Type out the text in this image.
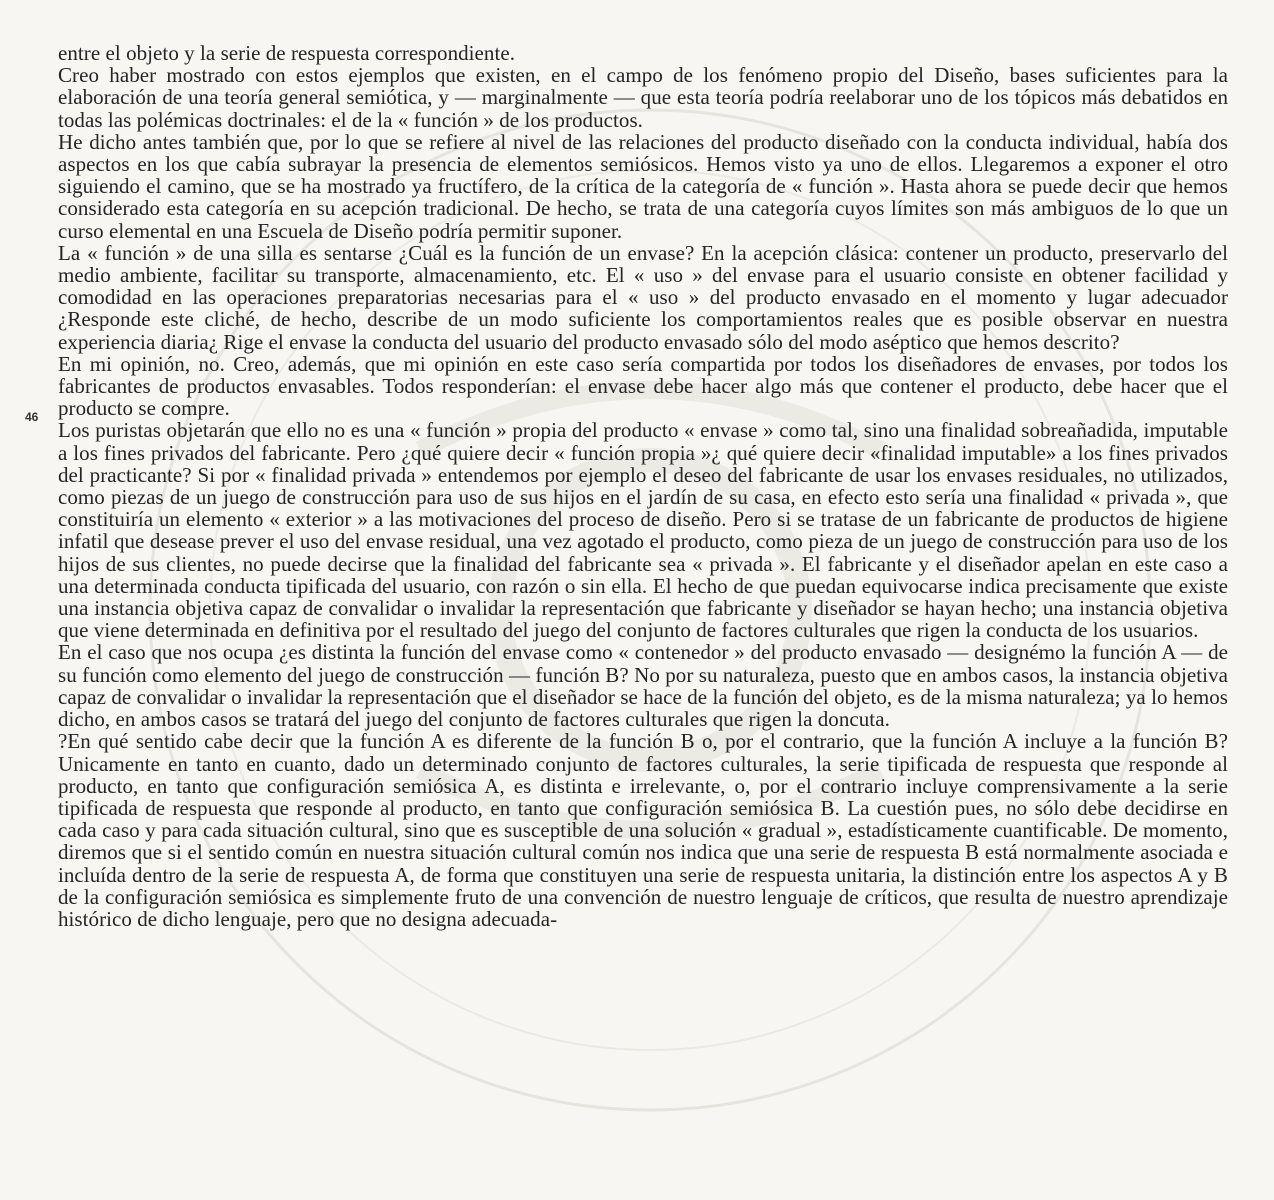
46

entre el objeto y la serie de respuesta correspondiente.

Creo haber mostrado con estos ejemplos que existen, en el campo de los fenómeno propio del Diseño, bases suficientes para la elaboración de una teoría general semiótica, y — marginalmente — que esta teoría podría reelaborar uno de los tópicos más debatidos en todas las polémicas doctrinales: el de la « función » de los productos.

He dicho antes también que, por lo que se refiere al nivel de las relaciones del producto diseñado con la conducta individual, había dos aspectos en los que cabía subrayar la presencia de elementos semiósicos. Hemos visto ya uno de ellos. Llegaremos a exponer el otro siguiendo el camino, que se ha mostrado ya fructífero, de la crítica de la categoría de « función ». Hasta ahora se puede decir que hemos considerado esta categoría en su acepción tradicional. De hecho, se trata de una categoría cuyos límites son más ambiguos de lo que un curso elemental en una Escuela de Diseño podría permitir suponer.

La « función » de una silla es sentarse ¿Cuál es la función de un envase? En la acepción clásica: contener un producto, preservarlo del medio ambiente, facilitar su transporte, almacenamiento, etc. El « uso » del envase para el usuario consiste en obtener facilidad y comodidad en las operaciones preparatorias necesarias para el « uso » del producto envasado en el momento y lugar adecuador ¿Responde este cliché, de hecho, describe de un modo suficiente los comportamientos reales que es posible observar en nuestra experiencia diaria¿ Rige el envase la conducta del usuario del producto envasado sólo del modo aséptico que hemos descrito?

En mi opinión, no. Creo, además, que mi opinión en este caso sería compartida por todos los diseñadores de envases, por todos los fabricantes de productos envasables. Todos responderían: el envase debe hacer algo más que contener el producto, debe hacer que el producto se compre.

Los puristas objetarán que ello no es una « función » propia del producto « envase » como tal, sino una finalidad sobreañadida, imputable a los fines privados del fabricante. Pero ¿qué quiere decir « función propia »¿ qué quiere decir «finalidad imputable» a los fines privados del practicante? Si por « finalidad privada » entendemos por ejemplo el deseo del fabricante de usar los envases residuales, no utilizados, como piezas de un juego de construcción para uso de sus hijos en el jardín de su casa, en efecto esto sería una finalidad « privada », que constituiría un elemento « exterior » a las motivaciones del proceso de diseño. Pero si se tratase de un fabricante de productos de higiene infatil que desease prever el uso del envase residual, una vez agotado el producto, como pieza de un juego de construcción para uso de los hijos de sus clientes, no puede decirse que la finalidad del fabricante sea « privada ». El fabricante y el diseñador apelan en este caso a una determinada conducta tipificada del usuario, con razón o sin ella. El hecho de que puedan equivocarse indica precisamente que existe una instancia objetiva capaz de convalidar o invalidar la representación que fabricante y diseñador se hayan hecho; una instancia objetiva que viene determinada en definitiva por el resultado del juego del conjunto de factores culturales que rigen la conducta de los usuarios.

En el caso que nos ocupa ¿es distinta la función del envase como « contenedor » del producto envasado — designémo la función A — de su función como elemento del juego de construcción — función B? No por su naturaleza, puesto que en ambos casos, la instancia objetiva capaz de convalidar o invalidar la representación que el diseñador se hace de la función del objeto, es de la misma naturaleza; ya lo hemos dicho, en ambos casos se tratará del juego del conjunto de factores culturales que rigen la doncuta.

?En qué sentido cabe decir que la función A es diferente de la función B o, por el contrario, que la función A incluye a la función B? Unicamente en tanto en cuanto, dado un determinado conjunto de factores culturales, la serie tipificada de respuesta que responde al producto, en tanto que configuración semiósica A, es distinta e irrelevante, o, por el contrario incluye comprensivamente a la serie tipificada de respuesta que responde al producto, en tanto que configuración semiósica B. La cuestión pues, no sólo debe decidirse en cada caso y para cada situación cultural, sino que es susceptible de una solución « gradual », estadísticamente cuantificable. De momento, diremos que si el sentido común en nuestra situación cultural común nos indica que una serie de respuesta B está normalmente asociada e incluída dentro de la serie de respuesta A, de forma que constituyen una serie de respuesta unitaria, la distinción entre los aspectos A y B de la configuración semiósica es simplemente fruto de una convención de nuestro lenguaje de críticos, que resulta de nuestro aprendizaje histórico de dicho lenguaje, pero que no designa adecuada-
